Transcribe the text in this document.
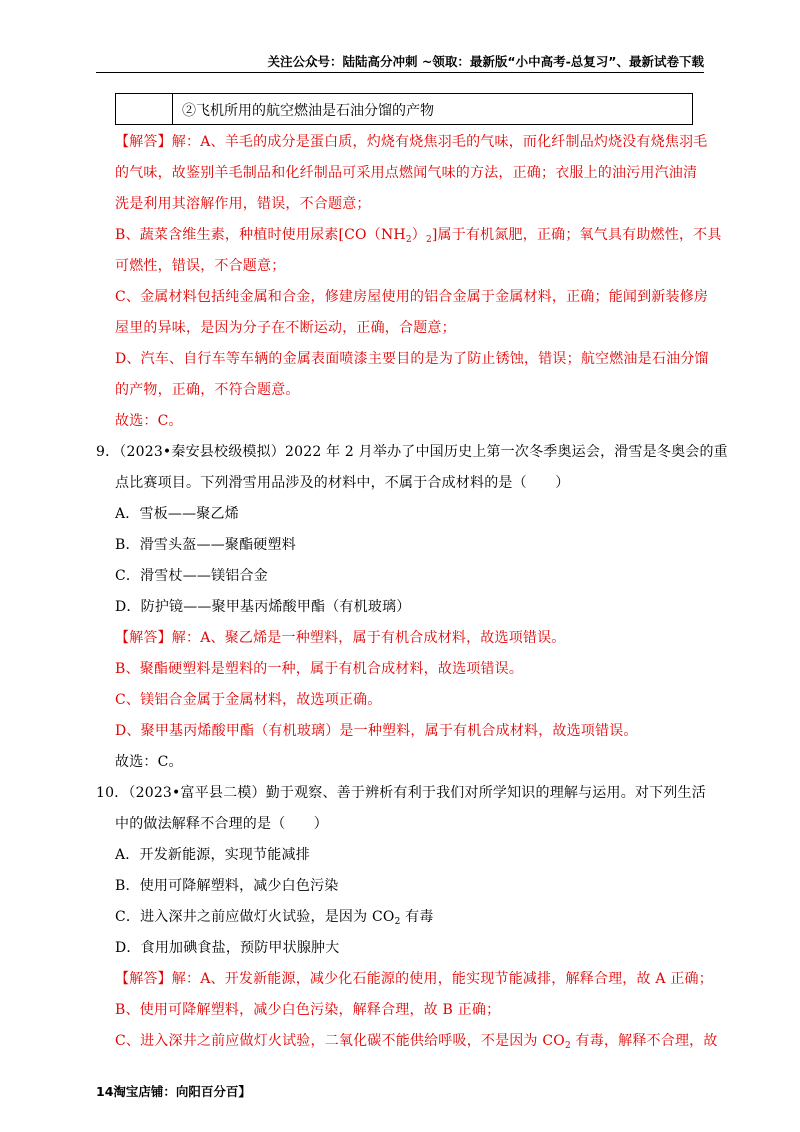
关注公众号：陆陆高分冲刺 ~领取：最新版“小中高考-总复习”、最新试卷下载
②飞机所用的航空燃油是石油分馏的产物
【解答】解：A、羊毛的成分是蛋白质，灼烧有烧焦羽毛的气味，而化纤制品灼烧没有烧焦羽毛
的气味，故鉴别羊毛制品和化纤制品可采用点燃闻气味的方法，正确；衣服上的油污用汽油清
洗是利用其溶解作用，错误，不合题意；
B、蔬菜含维生素，种植时使用尿素$[CO(NH_2)_2]$属于有机氮肥，正确；氧气具有助燃性，不具
可燃性，错误，不合题意；
C、金属材料包括纯金属和合金，修建房屋使用的铝合金属于金属材料，正确；能闻到新装修房
屋里的异味，是因为分子在不断运动，正确，合题意；
D、汽车、自行车等车辆的金属表面喷漆主要目的是为了防止锈蚀，错误；航空燃油是石油分馏
的产物，正确，不符合题意。
故选：C。
9．（2023•秦安县校级模拟）2022 年 2 月举办了中国历史上第一次冬季奥运会，滑雪是冬奥会的重
点比赛项目。下列滑雪用品涉及的材料中，不属于合成材料的是（　　）
A．雪板——聚乙烯
B．滑雪头盔——聚酯硬塑料
C．滑雪杖——镁铝合金
D．防护镜——聚甲基丙烯酸甲酯（有机玻璃）
【解答】解：A、聚乙烯是一种塑料，属于有机合成材料，故选项错误。
B、聚酯硬塑料是塑料的一种，属于有机合成材料，故选项错误。
C、镁铝合金属于金属材料，故选项正确。
D、聚甲基丙烯酸甲酯（有机玻璃）是一种塑料，属于有机合成材料，故选项错误。
故选：C。
10．（2023•富平县二模）勤于观察、善于辨析有利于我们对所学知识的理解与运用。对下列生活
中的做法解释不合理的是（　　）
A．开发新能源，实现节能减排
B．使用可降解塑料，减少白色污染
C．进入深井之前应做灯火试验，是因为 $CO_2$ 有毒
D．食用加碘食盐，预防甲状腺肿大
【解答】解：A、开发新能源，减少化石能源的使用，能实现节能减排，解释合理，故 A 正确；
B、使用可降解塑料，减少白色污染，解释合理，故 B 正确；
C、进入深井之前应做灯火试验，二氧化碳不能供给呼吸，不是因为 $CO_2$ 有毒，解释不合理，故
14淘宝店铺：向阳百分百】
